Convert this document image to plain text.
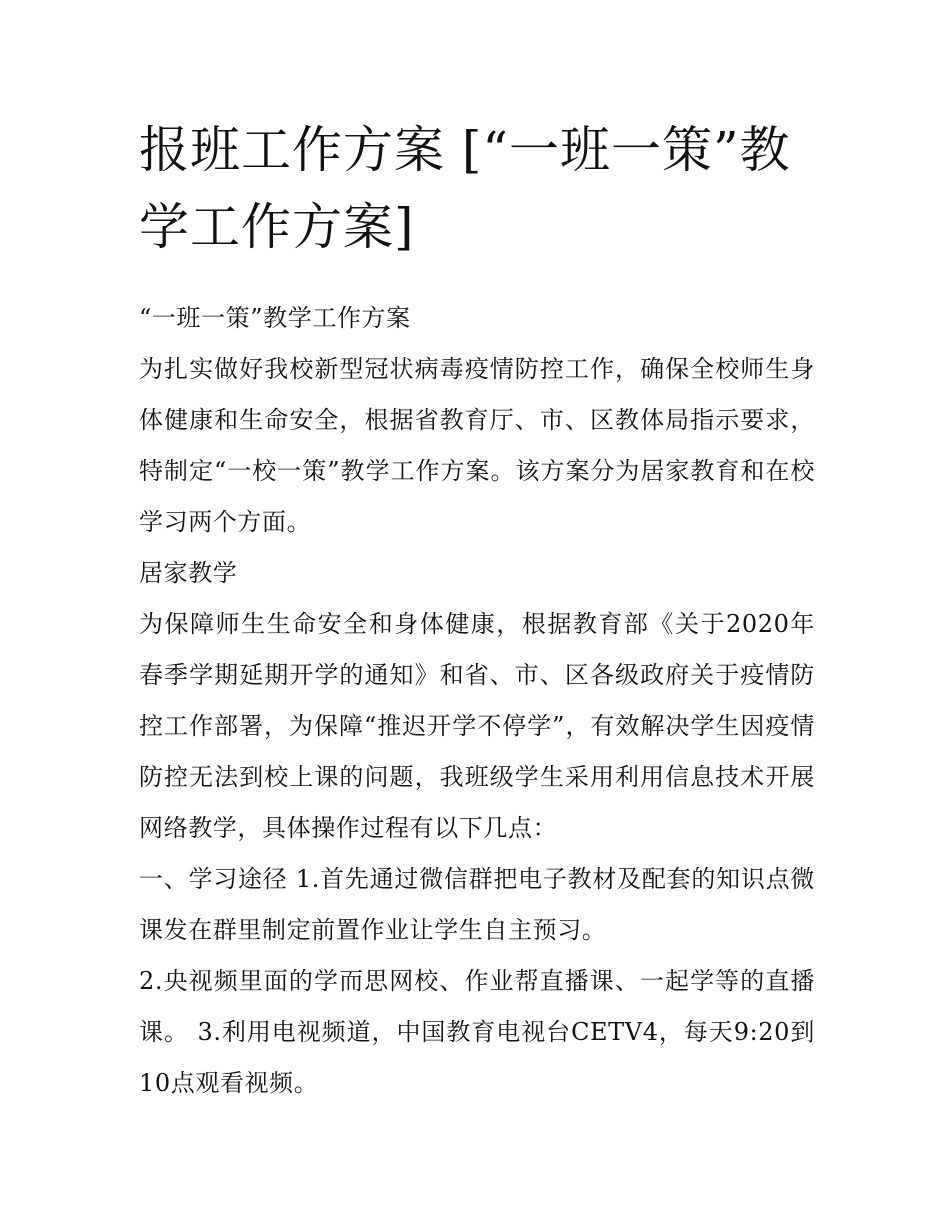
报班工作方案 [“一班一策”教学工作方案]

“一班一策”教学工作方案

为扎实做好我校新型冠状病毒疫情防控工作，确保全校师生身体健康和生命安全，根据省教育厅、市、区教体局指示要求，特制定“一校一策”教学工作方案。该方案分为居家教育和在校学习两个方面。

居家教学

为保障师生生命安全和身体健康，根据教育部《关于2020年春季学期延期开学的通知》和省、市、区各级政府关于疫情防控工作部署，为保障“推迟开学不停学”，有效解决学生因疫情防控无法到校上课的问题，我班级学生采用利用信息技术开展网络教学，具体操作过程有以下几点：

一、学习途径 1.首先通过微信群把电子教材及配套的知识点微课发在群里制定前置作业让学生自主预习。

2.央视频里面的学而思网校、作业帮直播课、一起学等的直播课。 3.利用电视频道，中国教育电视台CETV4，每天9:20到10点观看视频。
